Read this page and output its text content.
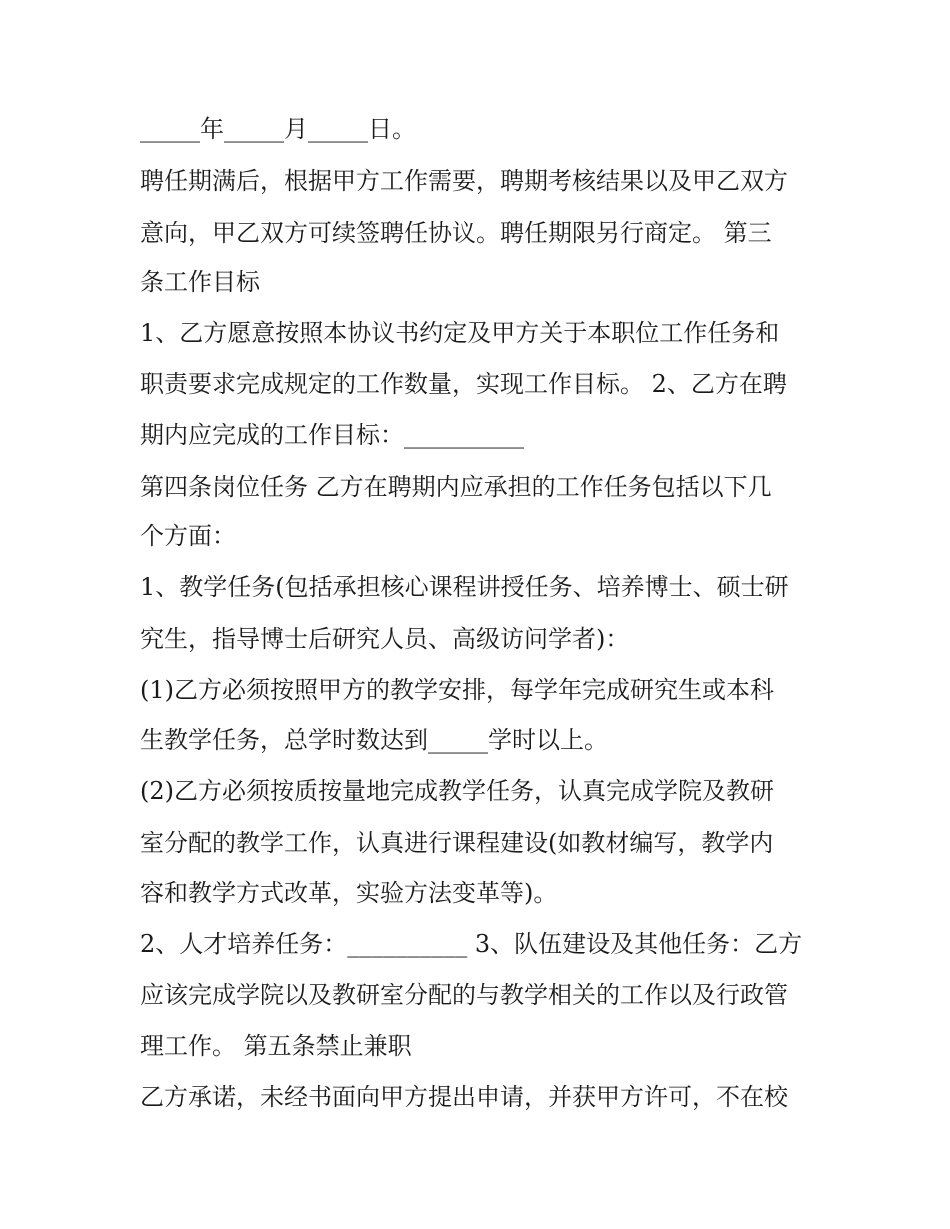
_____年_____月_____日。
聘任期满后，根据甲方工作需要，聘期考核结果以及甲乙双方
意向，甲乙双方可续签聘任协议。聘任期限另行商定。 第三
条工作目标
1、乙方愿意按照本协议书约定及甲方关于本职位工作任务和
职责要求完成规定的工作数量，实现工作目标。 2、乙方在聘
期内应完成的工作目标：__________
第四条岗位任务 乙方在聘期内应承担的工作任务包括以下几
个方面：
1、教学任务(包括承担核心课程讲授任务、培养博士、硕士研
究生，指导博士后研究人员、高级访问学者)：
(1)乙方必须按照甲方的教学安排，每学年完成研究生或本科
生教学任务，总学时数达到_____学时以上。
(2)乙方必须按质按量地完成教学任务，认真完成学院及教研
室分配的教学工作，认真进行课程建设(如教材编写，教学内
容和教学方式改革，实验方法变革等)。
2、人才培养任务：__________ 3、队伍建设及其他任务：乙方
应该完成学院以及教研室分配的与教学相关的工作以及行政管
理工作。 第五条禁止兼职
乙方承诺，未经书面向甲方提出申请，并获甲方许可，不在校
